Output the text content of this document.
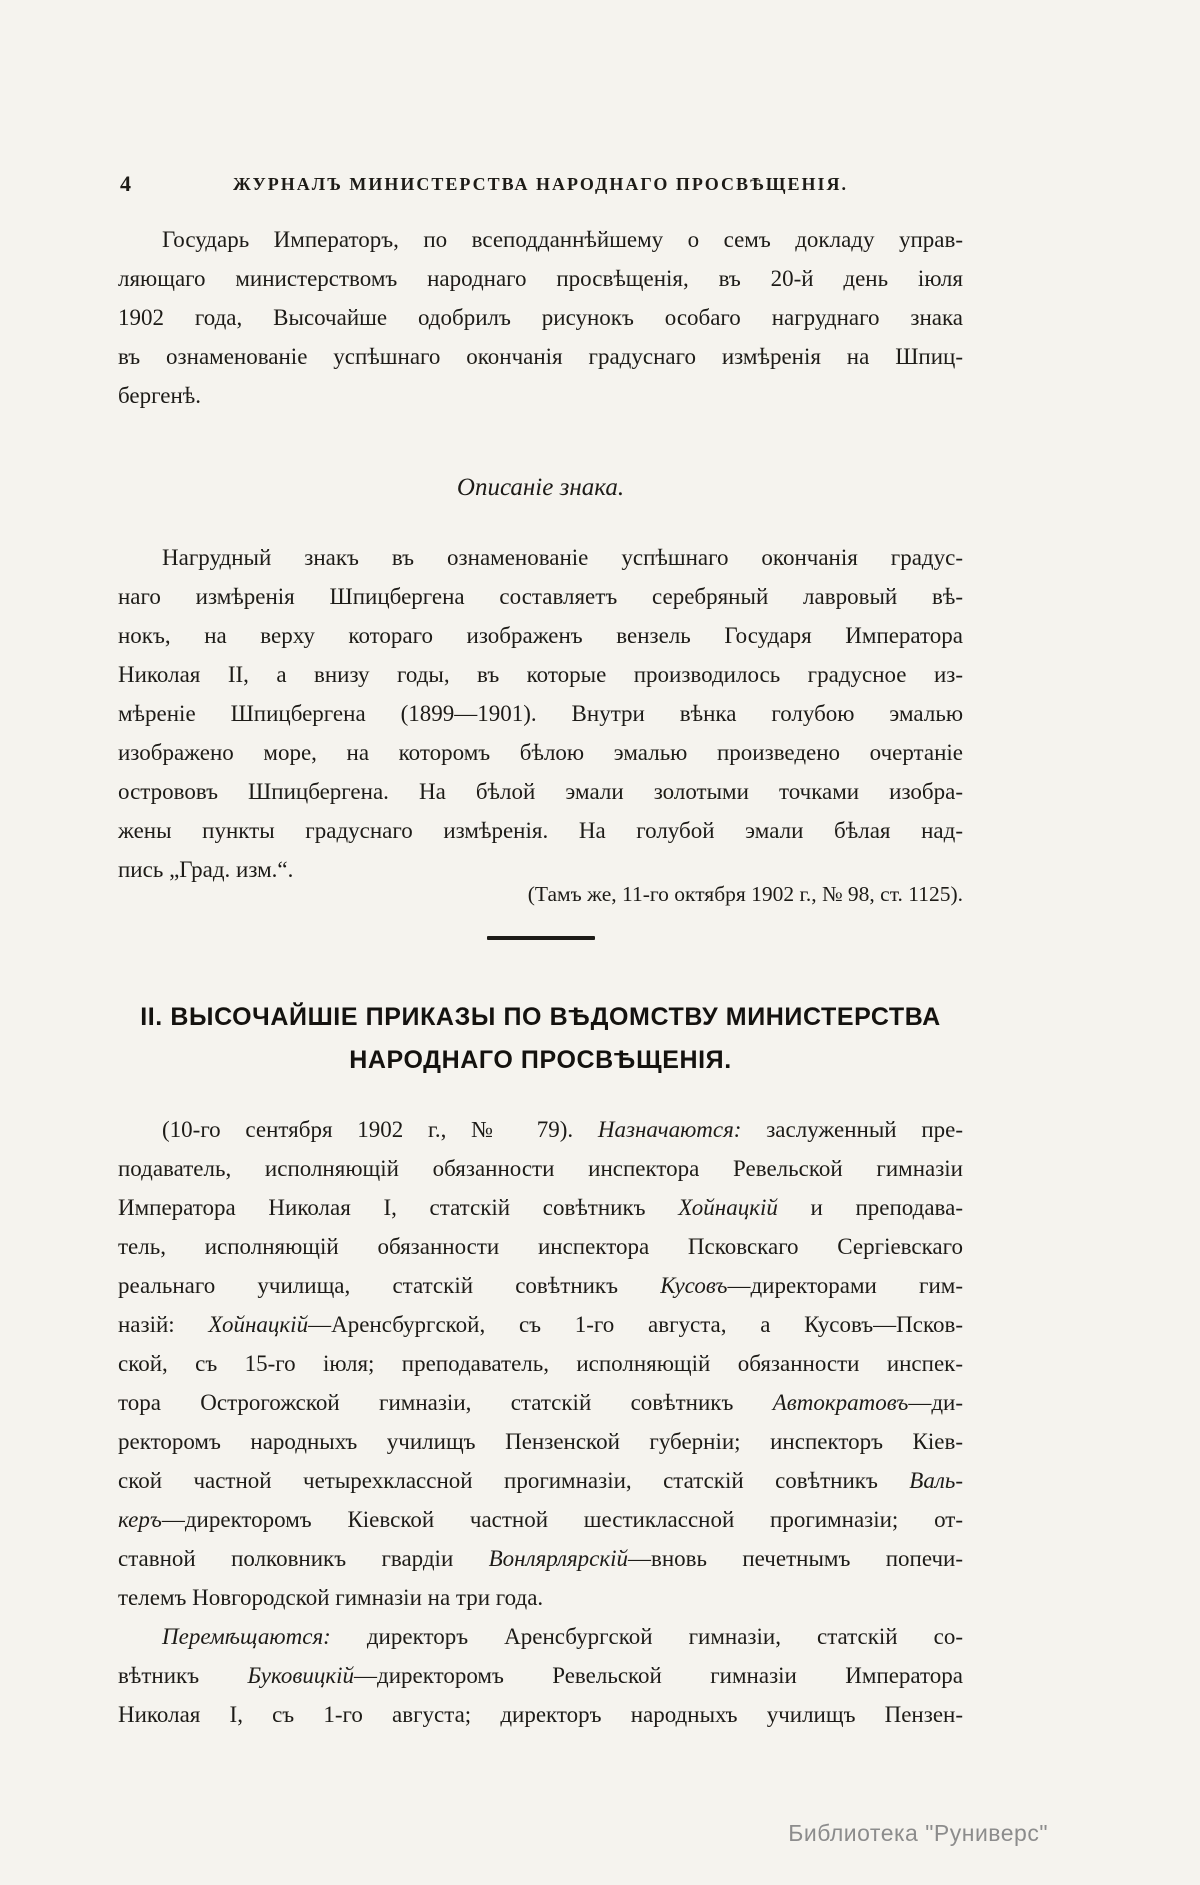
4	ЖУРНАЛЪ МИНИСТЕРСТВА НАРОДНАГО ПРОСВѢЩЕНІЯ.
Государь Императоръ, по всеподданнѣйшему о семъ докладу управ-
ляющаго министерствомъ народнаго просвѣщенія, въ 20-й день іюля
1902 года, Высочайше одобрилъ рисунокъ особаго нагруднаго знака
въ ознаменованіе успѣшнаго окончанія градуснаго измѣренія на Шпиц-
бергенѣ.
Описаніе знака.
Нагрудный знакъ въ ознаменованіе успѣшнаго окончанія градус-
наго измѣренія Шпицбергена составляетъ серебряный лавровый вѣ-
нокъ, на верху котораго изображенъ вензель Государя Императора
Николая II, а внизу годы, въ которые производилось градусное из-
мѣреніе Шпицбергена (1899—1901). Внутри вѣнка голубою эмалью
изображено море, на которомъ бѣлою эмалью произведено очертаніе
острововъ Шпицбергена. На бѣлой эмали золотыми точками изобра-
жены пункты градуснаго измѣренія. На голубой эмали бѣлая над-
пись „Град. изм.“.
(Тамъ же, 11-го октября 1902 г., № 98, ст. 1125).
II. ВЫСОЧАЙШІЕ ПРИКАЗЫ ПО ВѢДОМСТВУ МИНИСТЕРСТВА
НАРОДНАГО ПРОСВѢЩЕНІЯ.
(10-го сентября 1902 г., № 79). Назначаются: заслуженный пре-
подаватель, исполняющій обязанности инспектора Ревельской гимназіи
Императора Николая I, статскій совѣтникъ Хойнацкій и преподава-
тель, исполняющій обязанности инспектора Псковскаго Сергіевскаго
реальнаго училища, статскій совѣтникъ Кусовъ—директорами гим-
назій: Хойнацкій—Аренсбургской, съ 1-го августа, а Кусовъ—Псков-
ской, съ 15-го іюля; преподаватель, исполняющій обязанности инспек-
тора Острогожской гимназіи, статскій совѣтникъ Автократовъ—ди-
ректоромъ народныхъ училищъ Пензенской губерніи; инспекторъ Кіев-
ской частной четырехклассной прогимназіи, статскій совѣтникъ Валь-
керъ—директоромъ Кіевской частной шестиклассной прогимназіи; от-
ставной полковникъ гвардіи Вонлярлярскій—вновь печетнымъ попечи-
телемъ Новгородской гимназіи на три года.
Перемѣщаются: директоръ Аренсбургской гимназіи, статскій со-
вѣтникъ Буковицкій—директоромъ Ревельской гимназіи Императора
Николая I, съ 1-го августа; директоръ народныхъ училищъ Пензен-
Библиотека "Руниверс"
